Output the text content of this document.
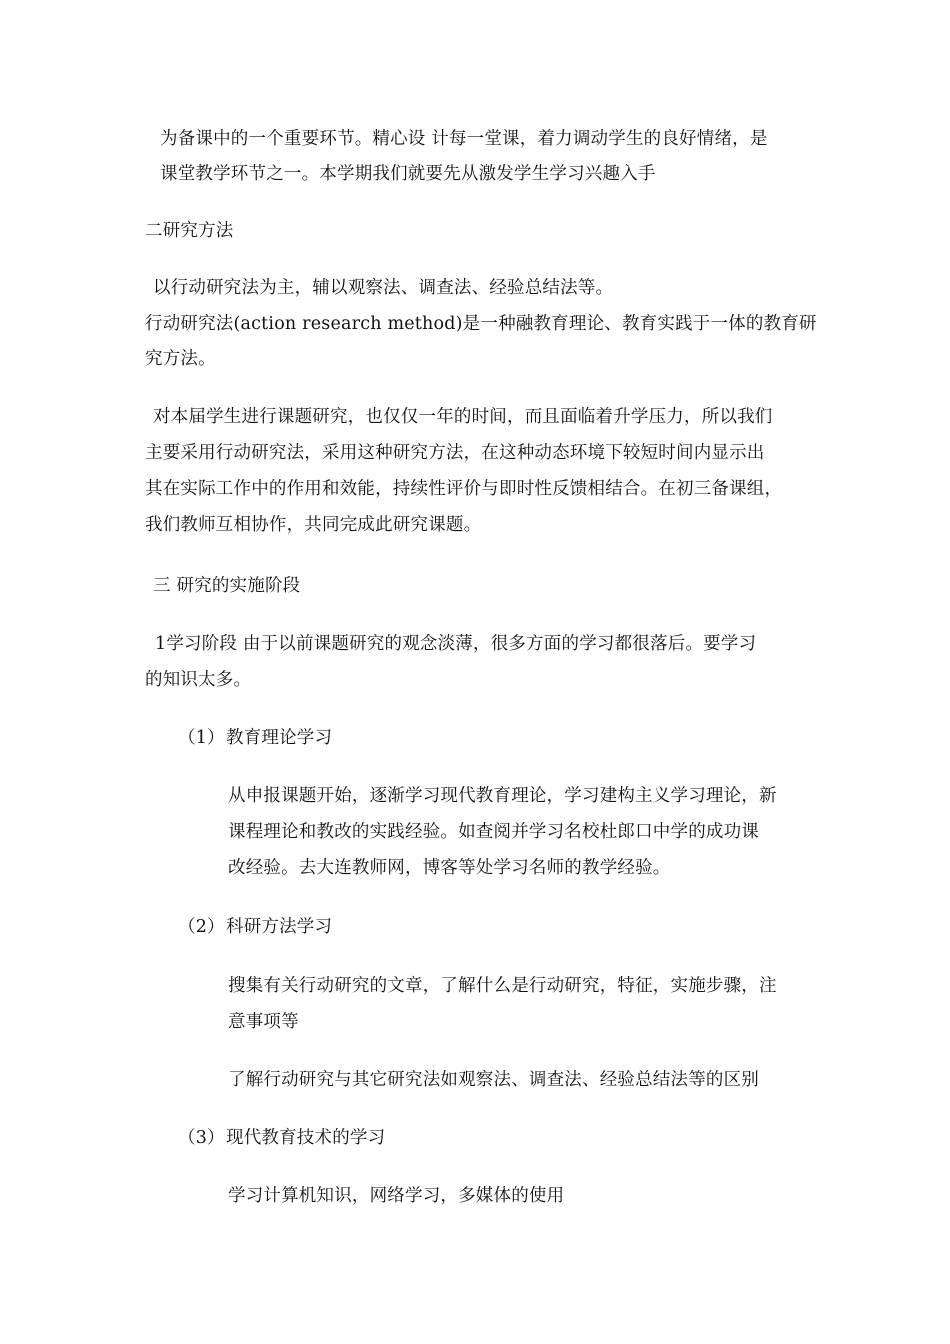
为备课中的一个重要环节。精心设 计每一堂课，着力调动学生的良好情绪，是
课堂教学环节之一。本学期我们就要先从激发学生学习兴趣入手
二研究方法
以行动研究法为主，辅以观察法、调查法、经验总结法等。
行动研究法(action research method)是一种融教育理论、教育实践于一体的教育研
究方法。
对本届学生进行课题研究，也仅仅一年的时间，而且面临着升学压力，所以我们
主要采用行动研究法，采用这种研究方法，在这种动态环境下较短时间内显示出
其在实际工作中的作用和效能，持续性评价与即时性反馈相结合。在初三备课组，
我们教师互相协作，共同完成此研究课题。
三 研究的实施阶段
1学习阶段 由于以前课题研究的观念淡薄，很多方面的学习都很落后。要学习
的知识太多。
（1）教育理论学习
从申报课题开始，逐渐学习现代教育理论，学习建构主义学习理论，新
课程理论和教改的实践经验。如查阅并学习名校杜郎口中学的成功课
改经验。去大连教师网，博客等处学习名师的教学经验。
（2）科研方法学习
搜集有关行动研究的文章，了解什么是行动研究，特征，实施步骤，注
意事项等
了解行动研究与其它研究法如观察法、调查法、经验总结法等的区别
（3）现代教育技术的学习
学习计算机知识，网络学习，多媒体的使用
